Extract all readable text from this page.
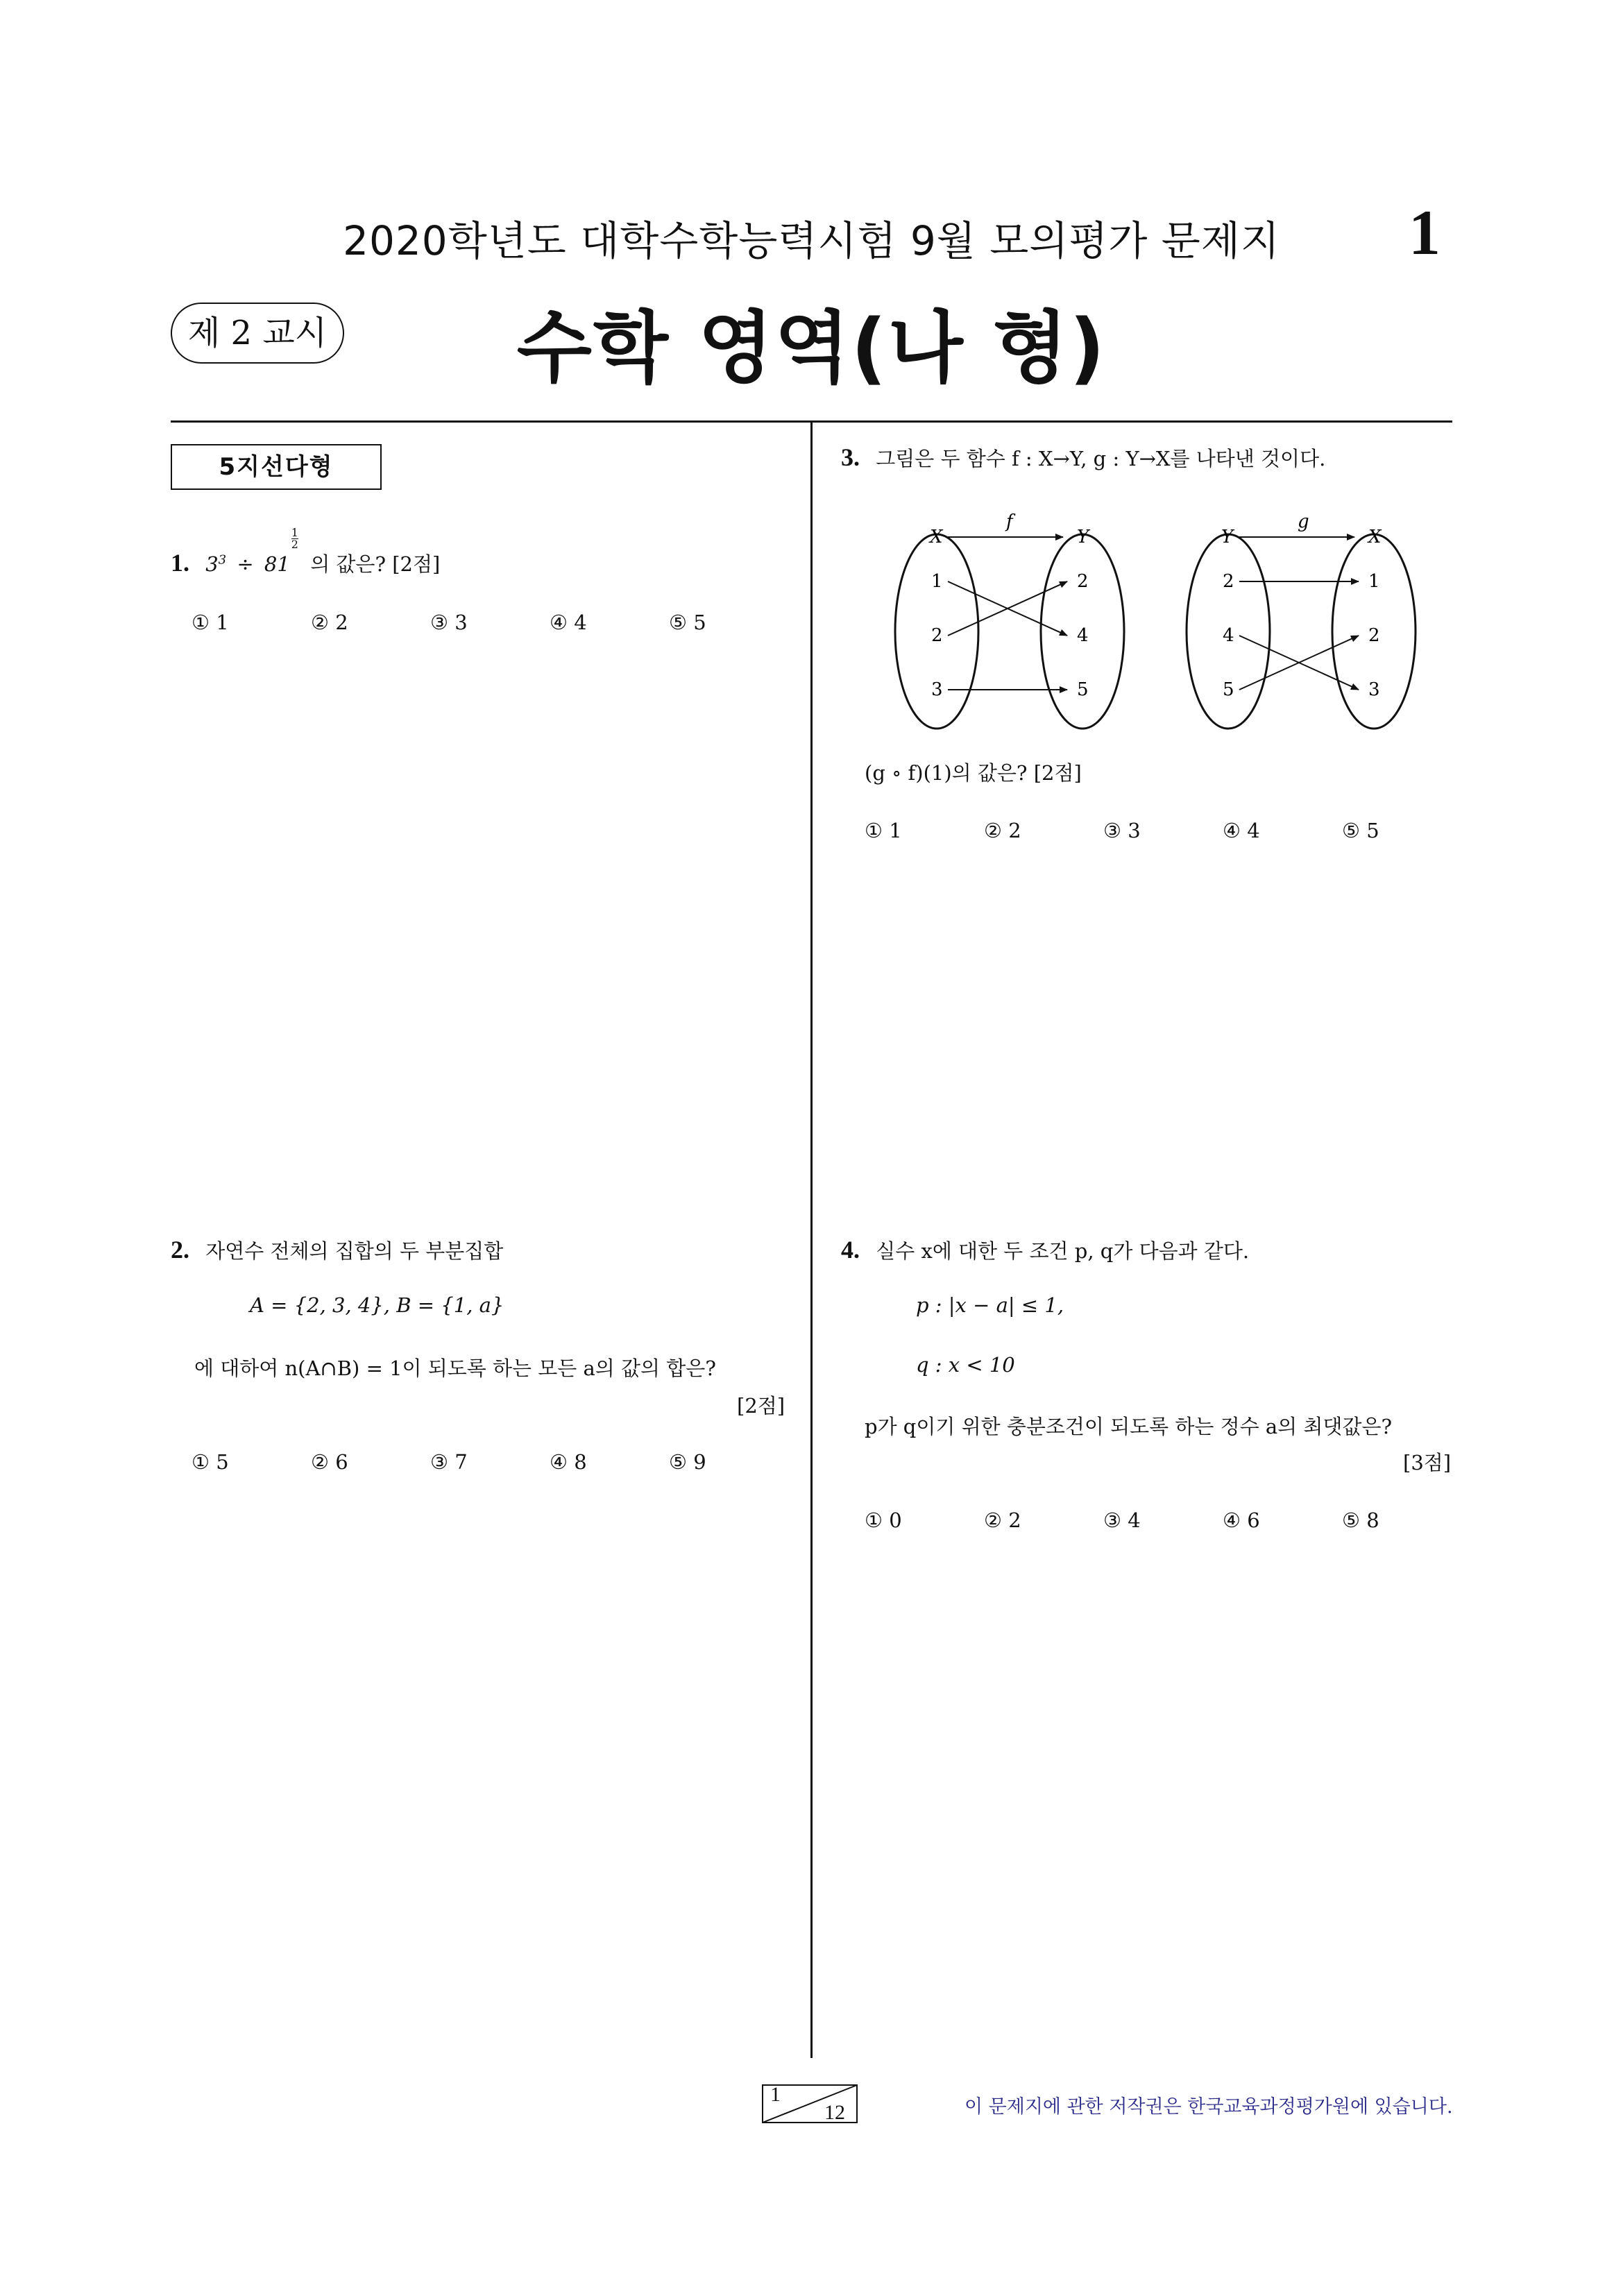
2020학년도 대학수학능력시험 9월 모의평가 문제지	1
제 2 교시	수학 영역(나 형)
5지선다형
1. $3^3 \div 81$
$\frac{1}{2}$
의 값은? [2점]
① 1	② 2	③ 3	④ 4	⑤ 5
2. 자연수 전체의 집합의 두 부분집합
A = {2, 3, 4}, B = {1, a}
에 대하여 n(A∩B) = 1이 되도록 하는 모든 a의 값의 합은?
[2점]
① 5	② 6	③ 7	④ 8	⑤ 9
3. 그림은 두 함수 f : X→Y, g : Y→X를 나타낸 것이다.
X	Y
f
1
2
3
2
4
5
Y	X
g
2
4
5
1
2
3
(g ∘ f)(1)의 값은? [2점]
① 1	② 2	③ 3	④ 4	⑤ 5
4. 실수 x에 대한 두 조건 p, q가 다음과 같다.
p : |x − a| ≤ 1,
q : x < 10
p가 q이기 위한 충분조건이 되도록 하는 정수 a의 최댓값은?
[3점]
① 0	② 2	③ 4	④ 6	⑤ 8
1
12	이 문제지에 관한 저작권은 한국교육과정평가원에 있습니다.
